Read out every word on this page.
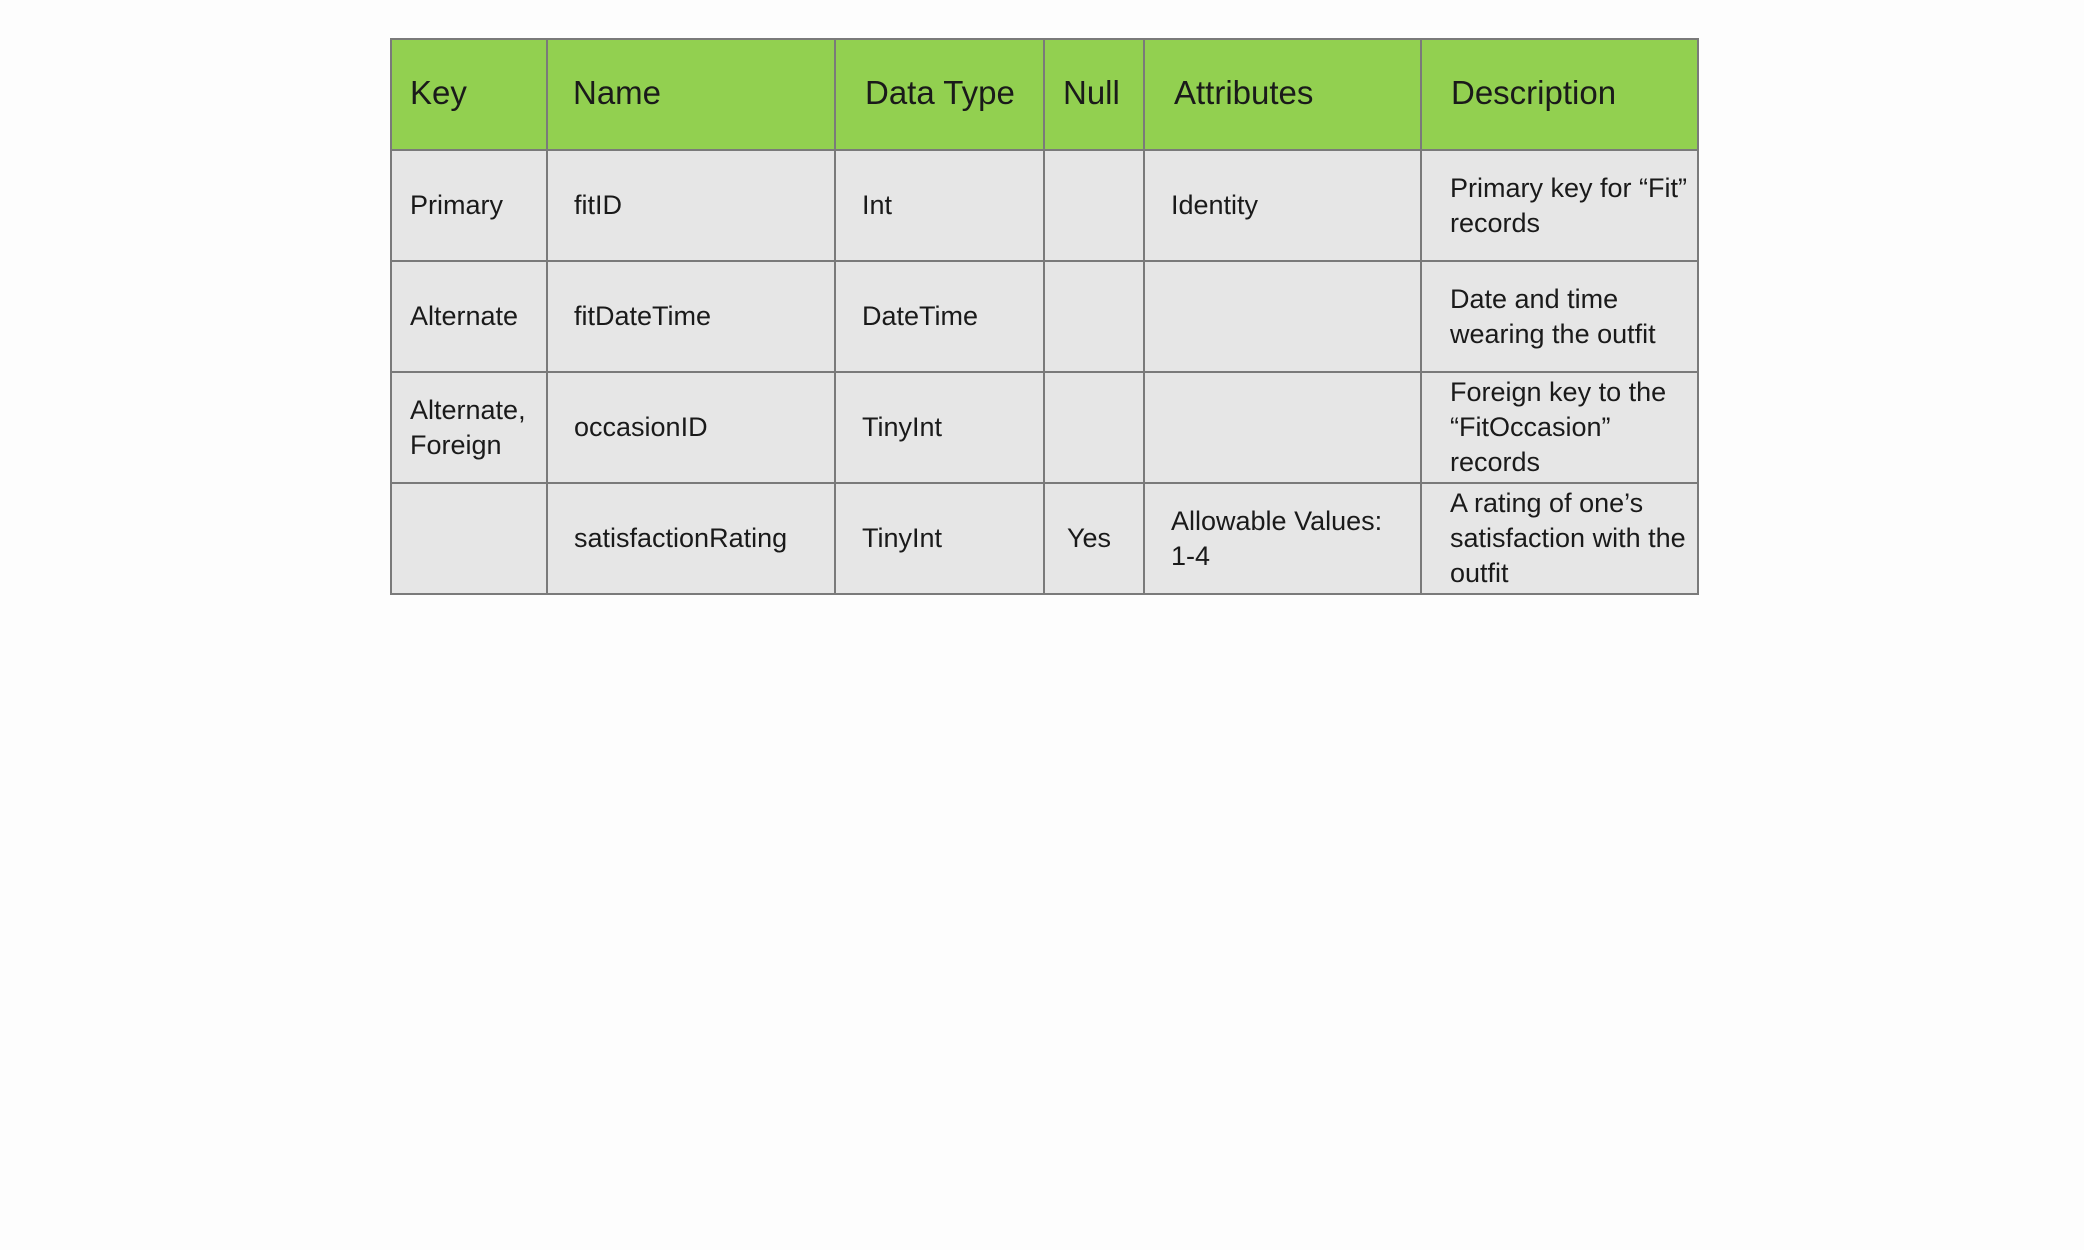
Key	Name	Data Type	Null	Attributes	Description
Primary	fitID	Int		Identity	Primary key for “Fit” records
Alternate	fitDateTime	DateTime			Date and time wearing the outfit
Alternate, Foreign	occasionID	TinyInt			Foreign key to the “FitOccasion” records
	satisfactionRating	TinyInt	Yes	Allowable Values: 1-4	A rating of one’s satisfaction with the outfit
